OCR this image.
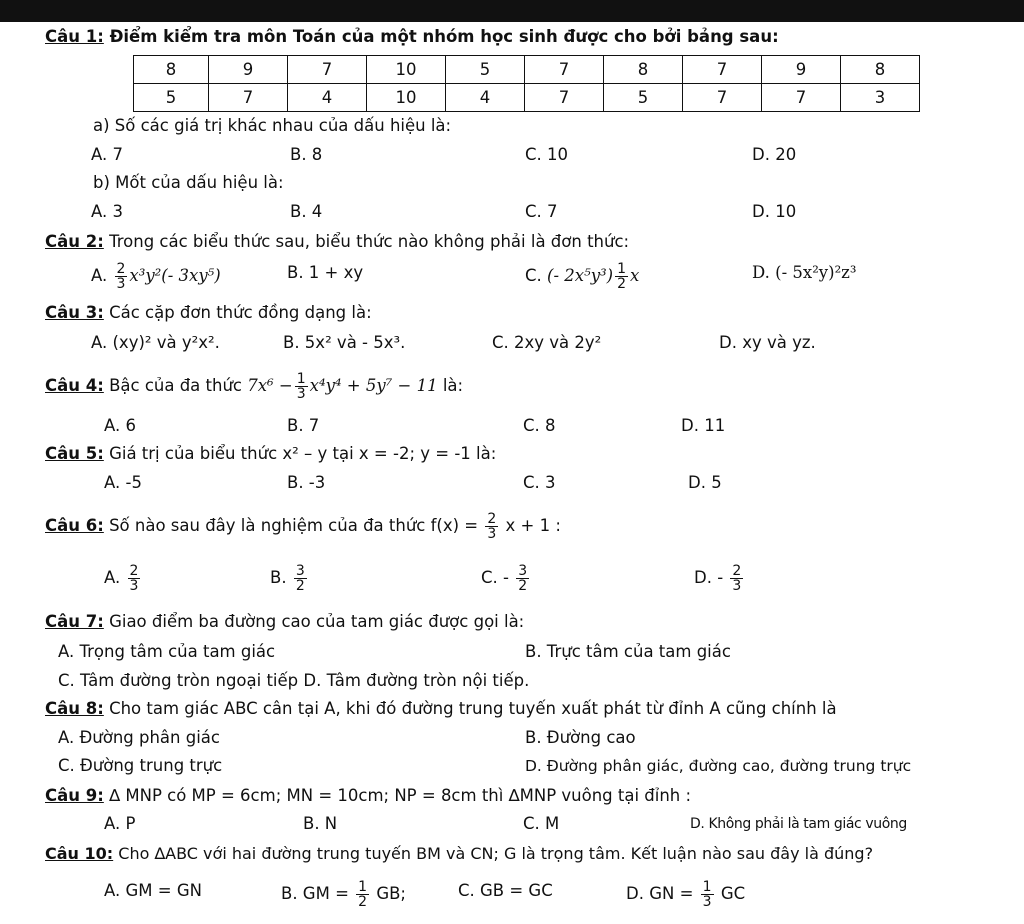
Câu 1: Điểm kiểm tra môn Toán của một nhóm học sinh được cho bởi bảng sau:
8	9	7	10	5	7	8	7	9	8
5	7	4	10	4	7	5	7	7	3
a) Số các giá trị khác nhau của dấu hiệu là:
A. 7	B. 8	C. 10	D. 20
b) Mốt của dấu hiệu là:
A. 3	B. 4	C. 7	D. 10
Câu 2: Trong các biểu thức sau, biểu thức nào không phải là đơn thức:
A. $\frac{2}{3} x^3y^2(-$ 3xy⁵)	B. 1 + xy	C. (- $2x^5y^3) \frac{1}{2}$ x	D. (- 5x²y)²z³
Câu 3: Các cặp đơn thức đồng dạng là:
A. (xy)² và y²x².	B. 5x² và - 5x³.	C. 2xy và 2y²	D. xy và yz.
Câu 4: Bậc của đa thức $7x^6 - \frac{1}{3} x^4y^4 + 5y^7 - 11$ là:
A. 6	B. 7	C. 8	D. 11
Câu 5: Giá trị của biểu thức x² – y tại x = -2; y = -1 là:
A. -5	B. -3	C. 3	D. 5
Câu 6: Số nào sau đây là nghiệm của đa thức $f(x) = \frac{2}{3}$ x + 1 :
A. $\frac{2}{3}$	B. $\frac{3}{2}$	C. - $\frac{3}{2}$	D. - $\frac{2}{3}$
Câu 7: Giao điểm ba đường cao của tam giác được gọi là:
A. Trọng tâm của tam giác	B. Trực tâm của tam giác
C. Tâm đường tròn ngoại tiếp D. Tâm đường tròn nội tiếp.
Câu 8: Cho tam giác ABC cân tại A, khi đó đường trung tuyến xuất phát từ đỉnh A cũng chính là
A. Đường phân giác	B. Đường cao
C. Đường trung trực	D. Đường phân giác, đường cao, đường trung trực
Câu 9: ∆ MNP có MP = 6cm; MN = 10cm; NP = 8cm thì ∆MNP vuông tại đỉnh :
A. P	B. N	C. M	D. Không phải là tam giác vuông
Câu 10: Cho ∆ABC với hai đường trung tuyến BM và CN; G là trọng tâm. Kết luận nào sau đây là đúng?
A. GM = GN	B. GM = $\frac{1}{2}$ GB;	C. GB = GC	D. GN = $\frac{1}{3}$ GC
